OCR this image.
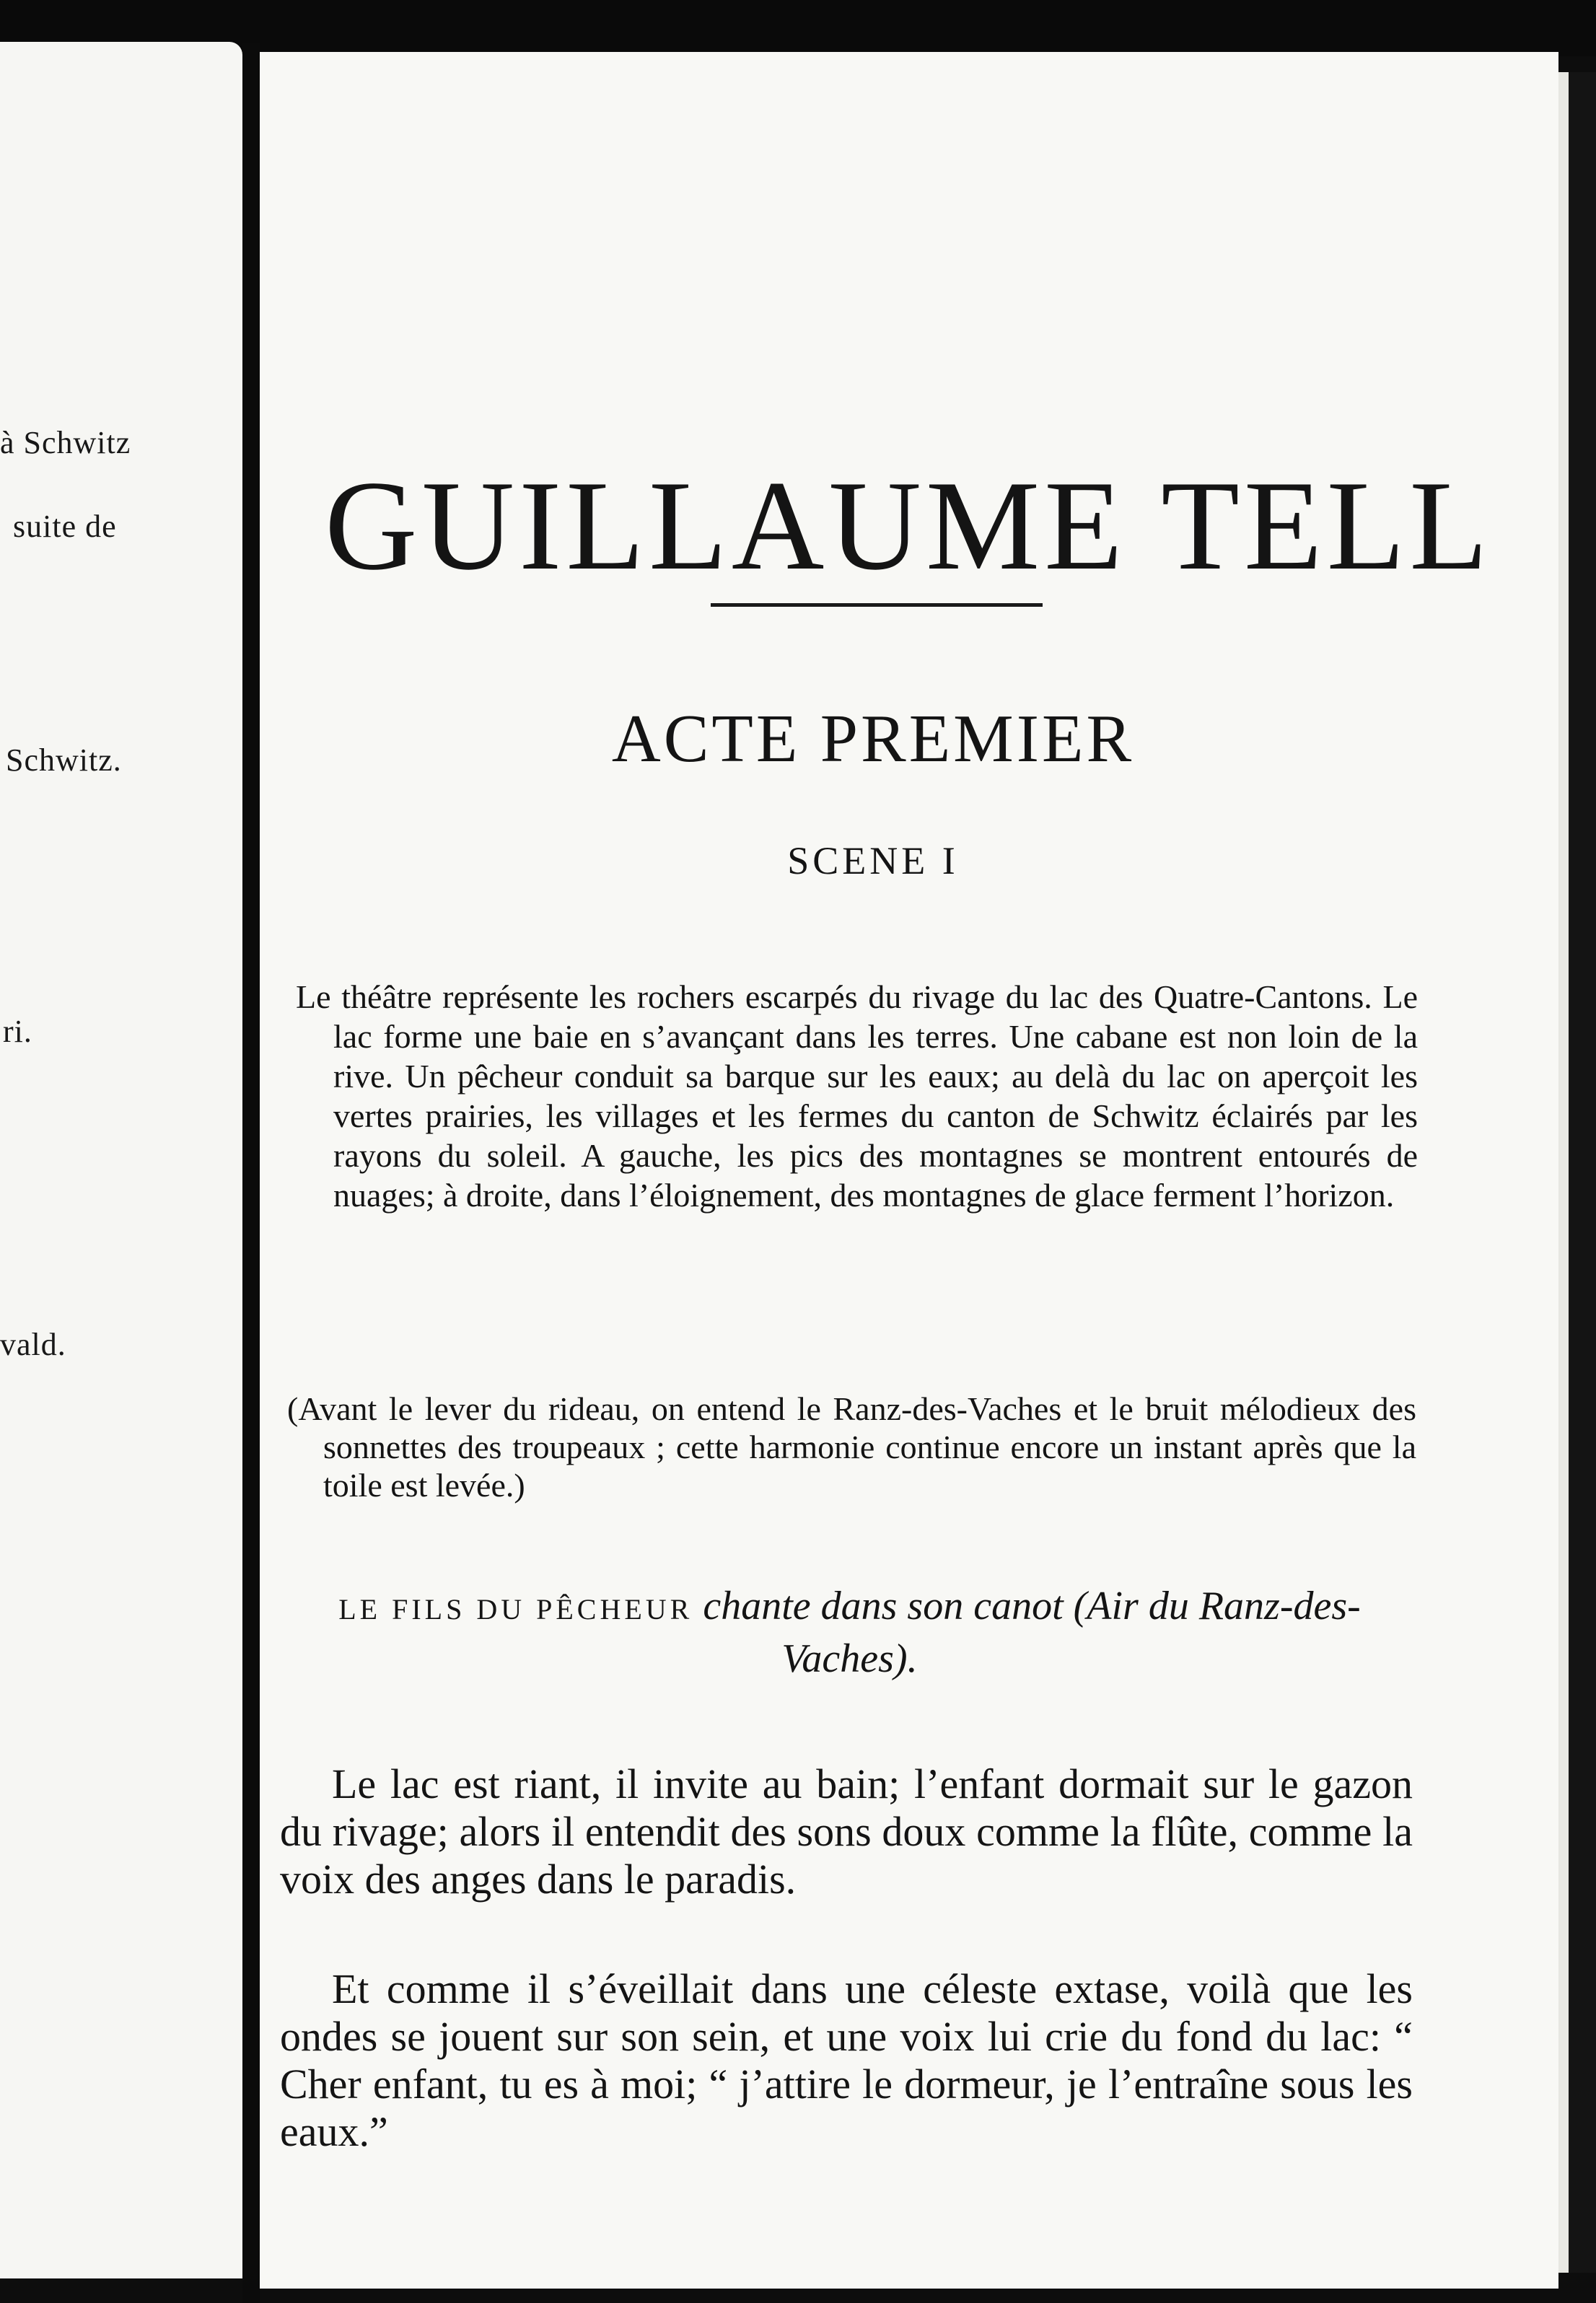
à Schwitz
suite de
Schwitz.
ri.
vald.
GUILLAUME TELL
ACTE PREMIER
SCENE I

Le théâtre représente les rochers escarpés du rivage du lac des Quatre-Cantons. Le lac forme une baie en s’avançant dans les terres. Une cabane est non loin de la rive. Un pêcheur conduit sa barque sur les eaux; au delà du lac on aperçoit les vertes prairies, les villages et les fermes du canton de Schwitz éclairés par les rayons du soleil. A gauche, les pics des montagnes se montrent entourés de nuages; à droite, dans l’éloignement, des montagnes de glace ferment l’horizon.

(Avant le lever du rideau, on entend le Ranz-des-Vaches et le bruit mélodieux des sonnettes des troupeaux ; cette harmonie continue encore un instant après que la toile est levée.)

LE FILS DU PÊCHEUR chante dans son canot (Air du Ranz-des-Vaches).

Le lac est riant, il invite au bain; l’enfant dormait sur le gazon du rivage; alors il entendit des sons doux comme la flûte, comme la voix des anges dans le paradis.

Et comme il s’éveillait dans une céleste extase, voilà que les ondes se jouent sur son sein, et une voix lui crie du fond du lac: “ Cher enfant, tu es à moi; “ j’attire le dormeur, je l’entraîne sous les eaux.”
